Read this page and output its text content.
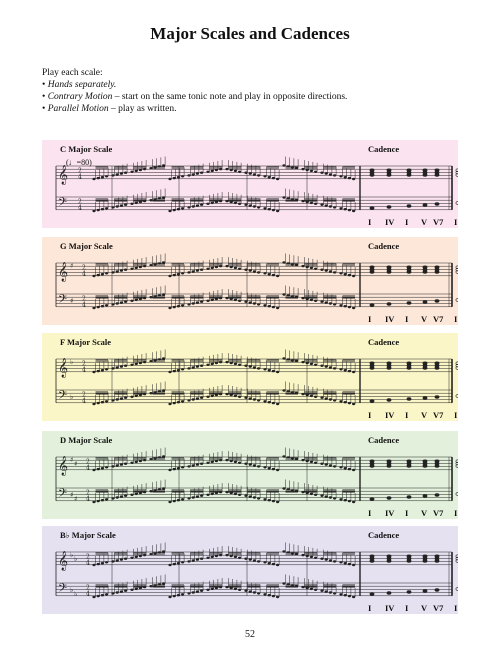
Major Scales and Cadences
Play each scale:
• Hands separately.
• Contrary Motion – start on the same tonic note and play in opposite directions.
• Parallel Motion – play as written.
C Major Scale
(♩=80)
Cadence
𝄞
𝄢
2
4
2
4
I IV I V V7 I
G Major Scale	Cadence
𝄞
𝄢
♯
♯
2
4
2
4
I IV I V V7 I
F Major Scale	Cadence
𝄞
𝄢
♭
♭
2
4
2
4
I IV I V V7 I
D Major Scale	Cadence
𝄞
𝄢
♯
♯
♯
♯
2
4
2
4
I IV I V V7 I
B♭ Major Scale	Cadence
𝄞
𝄢
♭
♭
♭
♭
2
4
2
4
I IV I V V7 I
52
